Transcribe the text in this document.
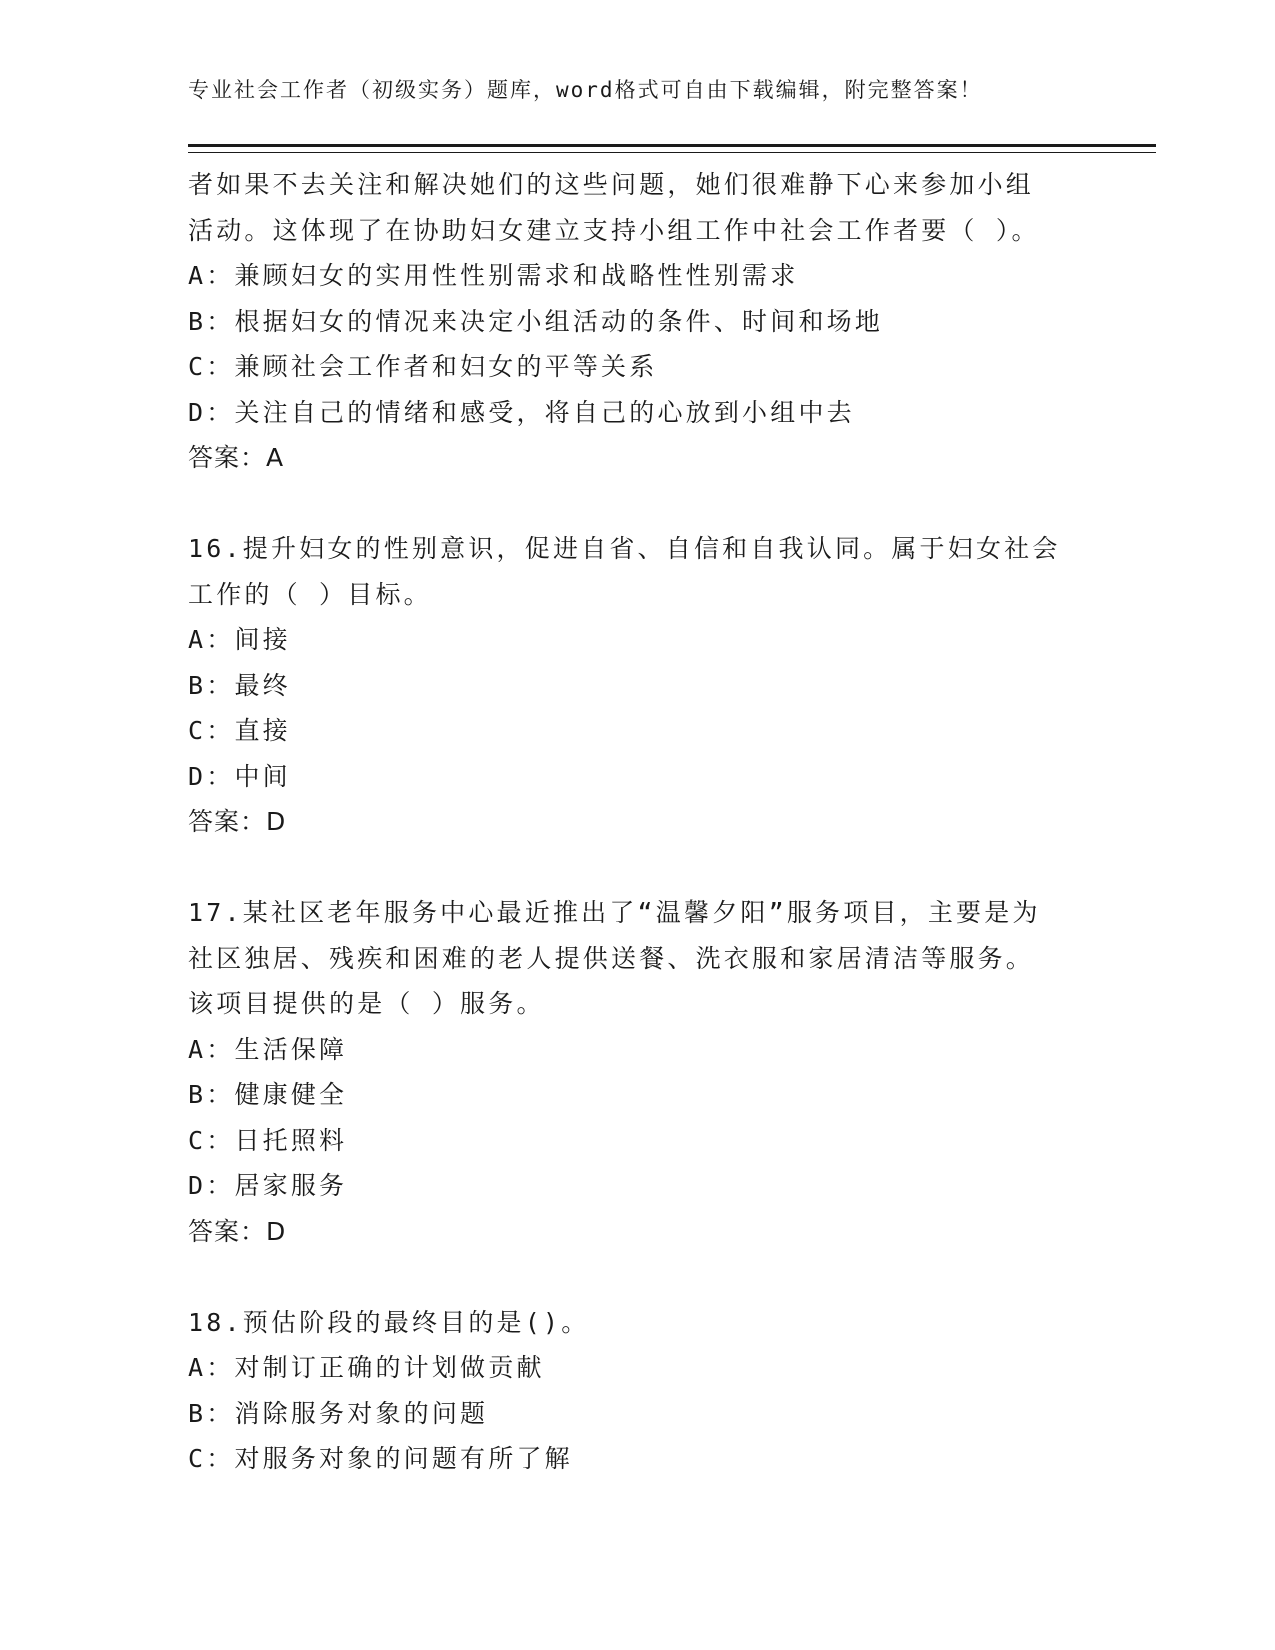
专业社会工作者（初级实务）题库，word格式可自由下载编辑，附完整答案！
者如果不去关注和解决她们的这些问题，她们很难静下心来参加小组
活动。这体现了在协助妇女建立支持小组工作中社会工作者要（ ）。
A：兼顾妇女的实用性性别需求和战略性性别需求
B：根据妇女的情况来决定小组活动的条件、时间和场地
C：兼顾社会工作者和妇女的平等关系
D：关注自己的情绪和感受，将自己的心放到小组中去
答案：A
16.提升妇女的性别意识，促进自省、自信和自我认同。属于妇女社会
工作的（ ）目标。
A：间接
B：最终
C：直接
D：中间
答案：D
17.某社区老年服务中心最近推出了“温馨夕阳”服务项目，主要是为
社区独居、残疾和困难的老人提供送餐、洗衣服和家居清洁等服务。
该项目提供的是（ ）服务。
A：生活保障
B：健康健全
C：日托照料
D：居家服务
答案：D
18.预估阶段的最终目的是()。
A：对制订正确的计划做贡献
B：消除服务对象的问题
C：对服务对象的问题有所了解
